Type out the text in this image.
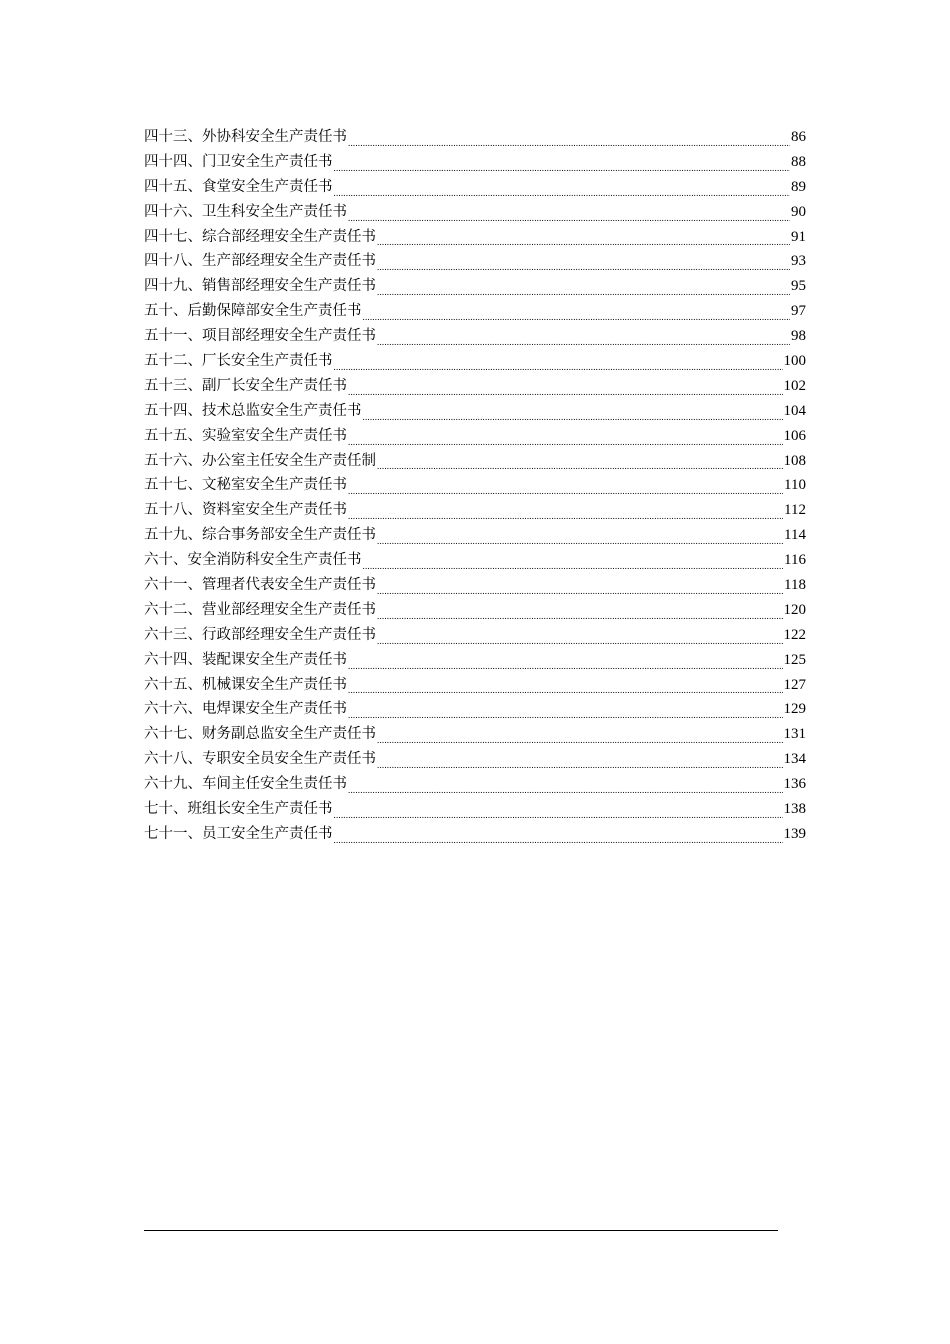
四十三、外协科安全生产责任书 .....	86
四十四、门卫安全生产责任书 .....	88
四十五、食堂安全生产责任书 .....	89
四十六、卫生科安全生产责任书 .....	90
四十七、综合部经理安全生产责任书 .....	91
四十八、生产部经理安全生产责任书 .....	93
四十九、销售部经理安全生产责任书 .....	95
五十、后勤保障部安全生产责任书 .....	97
五十一、项目部经理安全生产责任书 .....	98
五十二、厂长安全生产责任书 .....	100
五十三、副厂长安全生产责任书 .....	102
五十四、技术总监安全生产责任书 .....	104
五十五、实验室安全生产责任书 .....	106
五十六、办公室主任安全生产责任制 .....	108
五十七、文秘室安全生产责任书 .....	110
五十八、资料室安全生产责任书 .....	112
五十九、综合事务部安全生产责任书 .....	114
六十、安全消防科安全生产责任书 .....	116
六十一、管理者代表安全生产责任书 .....	118
六十二、营业部经理安全生产责任书 .....	120
六十三、行政部经理安全生产责任书 .....	122
六十四、装配课安全生产责任书 .....	125
六十五、机械课安全生产责任书 .....	127
六十六、电焊课安全生产责任书 .....	129
六十七、财务副总监安全生产责任书 .....	131
六十八、专职安全员安全生产责任书 .....	134
六十九、车间主任安全生责任书 .....	136
七十、班组长安全生产责任书 .....	138
七十一、员工安全生产责任书 .....	139
